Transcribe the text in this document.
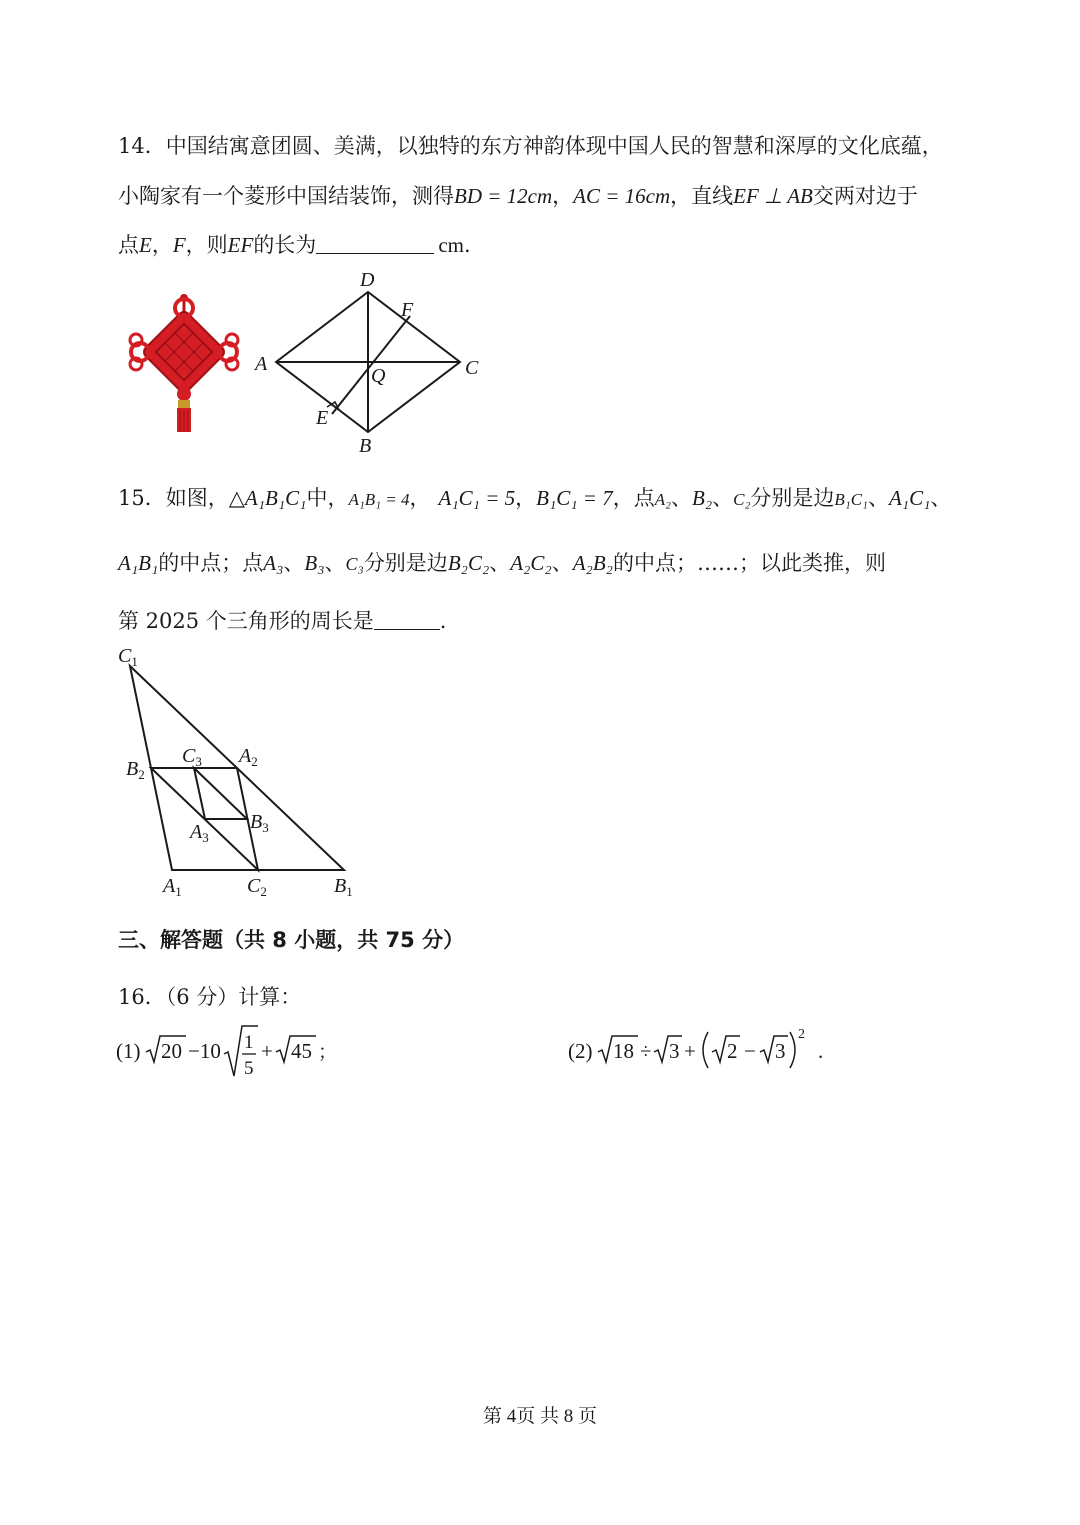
14．中国结寓意团圆、美满，以独特的东方神韵体现中国人民的智慧和深厚的文化底蕴，
小陶家有一个菱形中国结装饰，测得BD = 12cm，AC = 16cm，直线EF ⊥ AB交两对边于
点E，F，则EF的长为	cm.
D
F
A
Q	C
E
B
15．如图，△A₁B₁C₁中，A₁B₁ = 4， A₁C₁ = 5，B₁C₁ = 7，点A₂、B₂、C₂分别是边B₁C₁、A₁C₁、
A₁B₁的中点；点A₃、B₃、C₃分别是边B₂C₂、A₂C₂、A₂B₂的中点；……；以此类推，则
第 2025 个三角形的周长是	.
$C_1$
$B_2$
$C_3$ $A_2$
$B_3$
$A_3$
$A_1$	$C_2$	$B_1$
三、解答题（共 8 小题，共 75 分）
16．（6 分）计算：
(1) 20 −10 1
5
+ 45 ；	(2) 18 ÷ 3 + 2 − 3
2
.
第 4页 共 8 页
